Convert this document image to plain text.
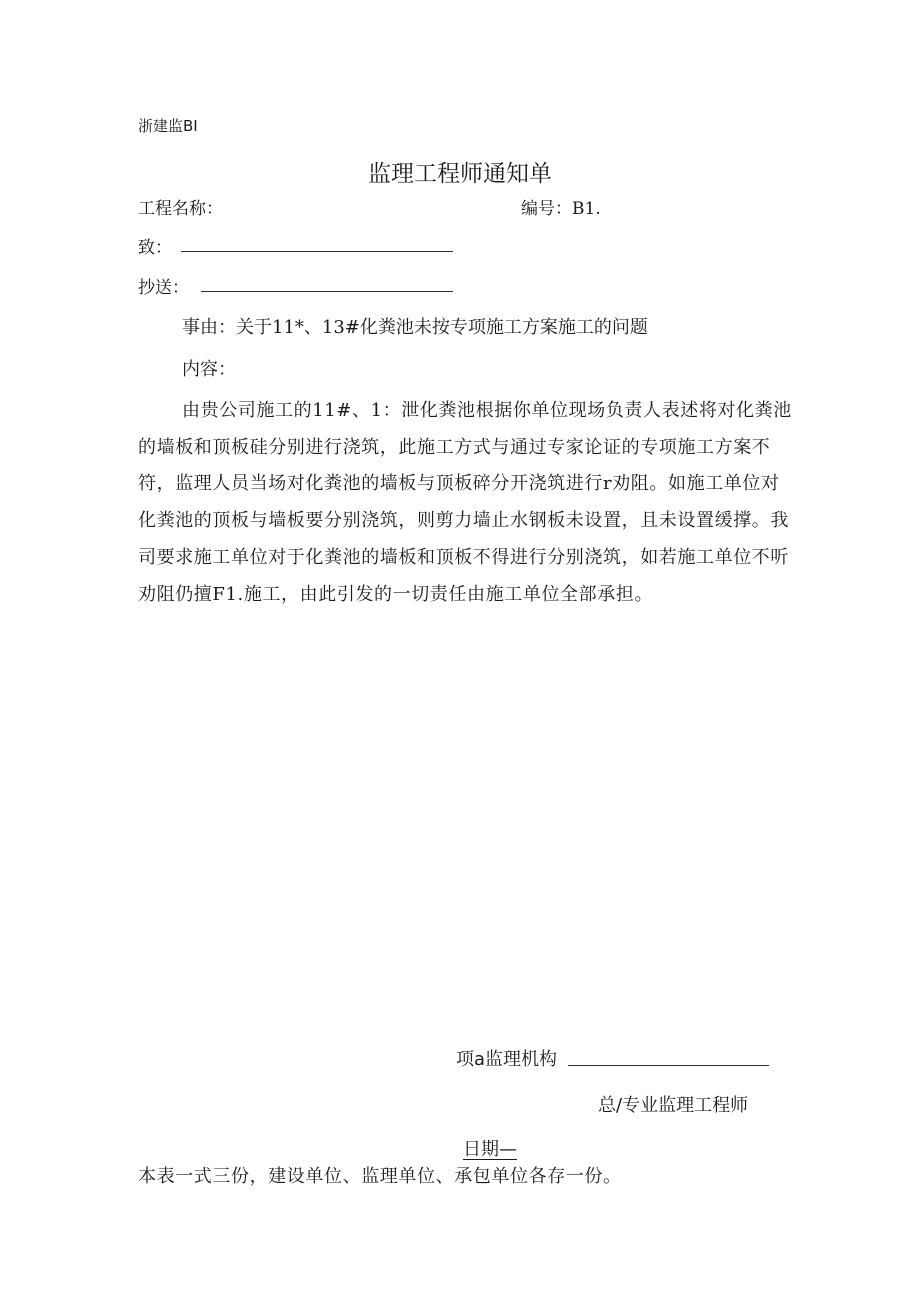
浙建监BI
监理工程师通知单
工程名称：	编号：B1.
致：
抄送：
事由：关于11*、13#化粪池未按专项施工方案施工的问题
内容：

由贵公司施工的11#、1：泄化粪池根据你单位现场负责人表述将对化粪池的墙板和顶板硅分别进行浇筑，此施工方式与通过专家论证的专项施工方案不符，监理人员当场对化粪池的墙板与顶板碎分开浇筑进行r劝阻。如施工单位对化粪池的顶板与墙板要分别浇筑，则剪力墙止水钢板未设置，且未设置缓撑。我司要求施工单位对于化粪池的墙板和顶板不得进行分别浇筑，如若施工单位不听劝阻仍擅F1.施工，由此引发的一切责任由施工单位全部承担。

项a监理机构
总/专业监理工程师
日期—
本表一式三份，建设单位、监理单位、承包单位各存一份。
